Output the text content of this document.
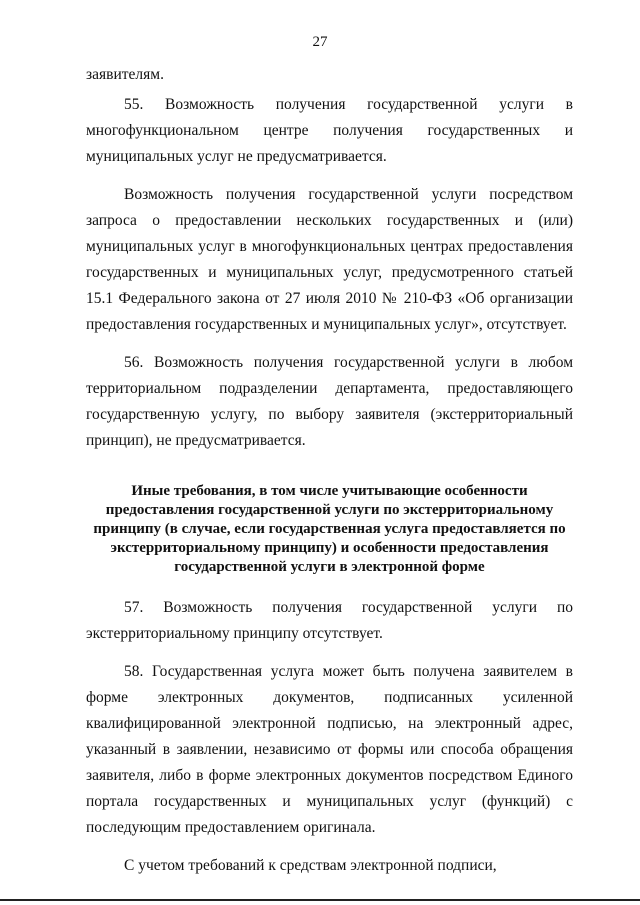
27

заявителям.

55. Возможность получения государственной услуги в многофункциональном центре получения государственных и муниципальных услуг не предусматривается.

Возможность получения государственной услуги посредством запроса о предоставлении нескольких государственных и (или) муниципальных услуг в многофункциональных центрах предоставления государственных и муниципальных услуг, предусмотренного статьей 15.1 Федерального закона от 27 июля 2010 № 210-ФЗ «Об организации предоставления государственных и муниципальных услуг», отсутствует.

56. Возможность получения государственной услуги в любом территориальном подразделении департамента, предоставляющего государственную услугу, по выбору заявителя (экстерриториальный принцип), не предусматривается.

Иные требования, в том числе учитывающие особенности предоставления государственной услуги по экстерриториальному принципу (в случае, если государственная услуга предоставляется по экстерриториальному принципу) и особенности предоставления государственной услуги в электронной форме

57. Возможность получения государственной услуги по экстерриториальному принципу отсутствует.

58. Государственная услуга может быть получена заявителем в форме электронных документов, подписанных усиленной квалифицированной электронной подписью, на электронный адрес, указанный в заявлении, независимо от формы или способа обращения заявителя, либо в форме электронных документов посредством Единого портала государственных и муниципальных услуг (функций) с последующим предоставлением оригинала.

С учетом требований к средствам электронной подписи,
